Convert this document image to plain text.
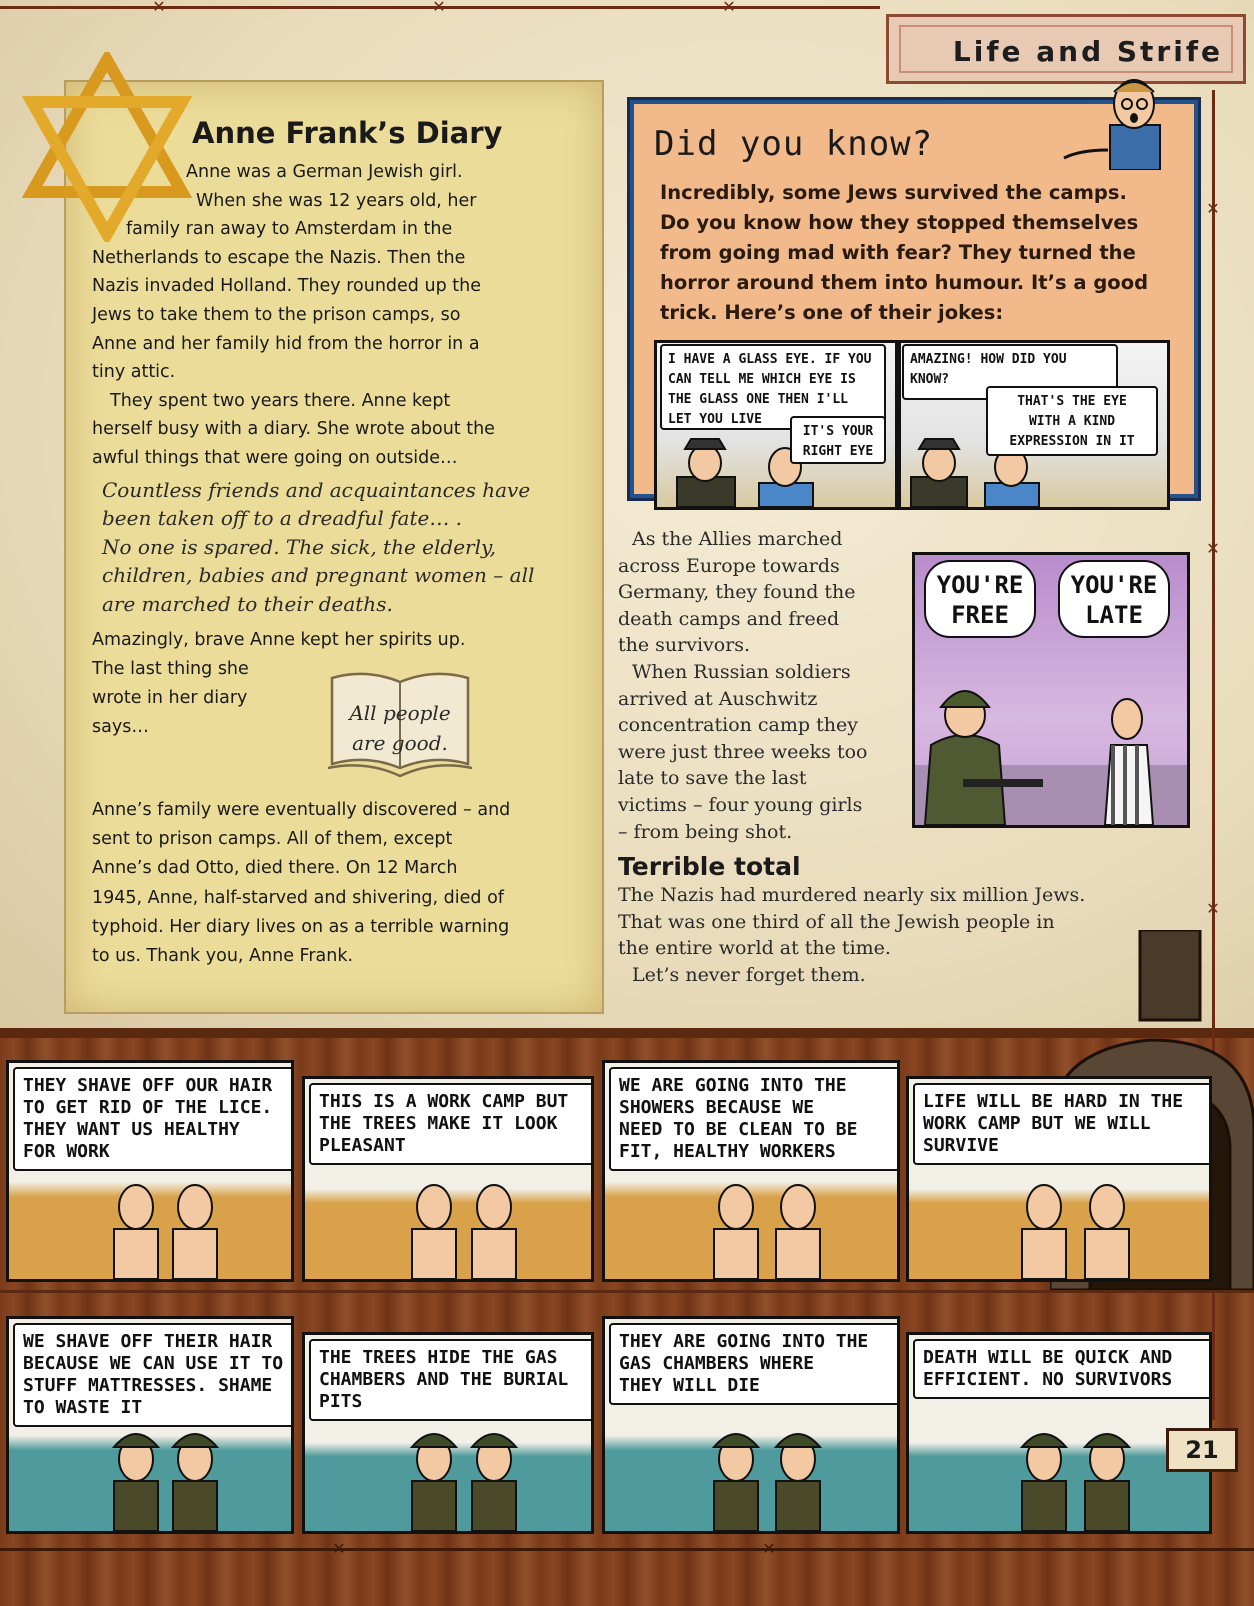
✕	✕	✕
✕
✕
✕
✕	✕
Life and Strife
Anne Frank’s Diary
Anne was a German Jewish girl.
When she was 12 years old, her
family ran away to Amsterdam in the
Netherlands to escape the Nazis. Then the
Nazis invaded Holland. They rounded up the
Jews to take them to the prison camps, so
Anne and her family hid from the horror in a
tiny attic.
They spent two years there. Anne kept
herself busy with a diary. She wrote about the
awful things that were going on outside…
Countless friends and acquaintances have
been taken off to a dreadful fate… .
No one is spared. The sick, the elderly,
children, babies and pregnant women – all
are marched to their deaths.
Amazingly, brave Anne kept her spirits up.
The last thing she
wrote in her diary
says…
All people
are good.
Anne’s family were eventually discovered – and
sent to prison camps. All of them, except
Anne’s dad Otto, died there. On 12 March
1945, Anne, half-starved and shivering, died of
typhoid. Her diary lives on as a terrible warning
to us. Thank you, Anne Frank.
Did you know?
Incredibly, some Jews survived the camps.
Do you know how they stopped themselves
from going mad with fear? They turned the
horror around them into humour. It’s a good
trick. Here’s one of their jokes:
I HAVE A GLASS EYE. IF YOU
CAN TELL ME WHICH EYE IS
THE GLASS ONE THEN I'LL
LET YOU LIVE
IT'S YOUR
RIGHT EYE
AMAZING! HOW DID YOU
KNOW?
THAT'S THE EYE
WITH A KIND
EXPRESSION IN IT
As the Allies marched
across Europe towards
Germany, they found the
death camps and freed
the survivors.
When Russian soldiers
arrived at Auschwitz
concentration camp they
were just three weeks too
late to save the last
victims – four young girls
– from being shot.
YOU'RE
FREE
YOU'RE
LATE
Terrible total
The Nazis had murdered nearly six million Jews.
That was one third of all the Jewish people in
the entire world at the time.
Let’s never forget them.
THEY SHAVE OFF OUR HAIR
TO GET RID OF THE LICE.
THEY WANT US HEALTHY
FOR WORK
THIS IS A WORK CAMP BUT
THE TREES MAKE IT LOOK
PLEASANT
WE ARE GOING INTO THE
SHOWERS BECAUSE WE
NEED TO BE CLEAN TO BE
FIT, HEALTHY WORKERS
LIFE WILL BE HARD IN THE
WORK CAMP BUT WE WILL
SURVIVE
WE SHAVE OFF THEIR HAIR
BECAUSE WE CAN USE IT TO
STUFF MATTRESSES. SHAME
TO WASTE IT
THE TREES HIDE THE GAS
CHAMBERS AND THE BURIAL
PITS
THEY ARE GOING INTO THE
GAS CHAMBERS WHERE
THEY WILL DIE
DEATH WILL BE QUICK AND
EFFICIENT. NO SURVIVORS
21
